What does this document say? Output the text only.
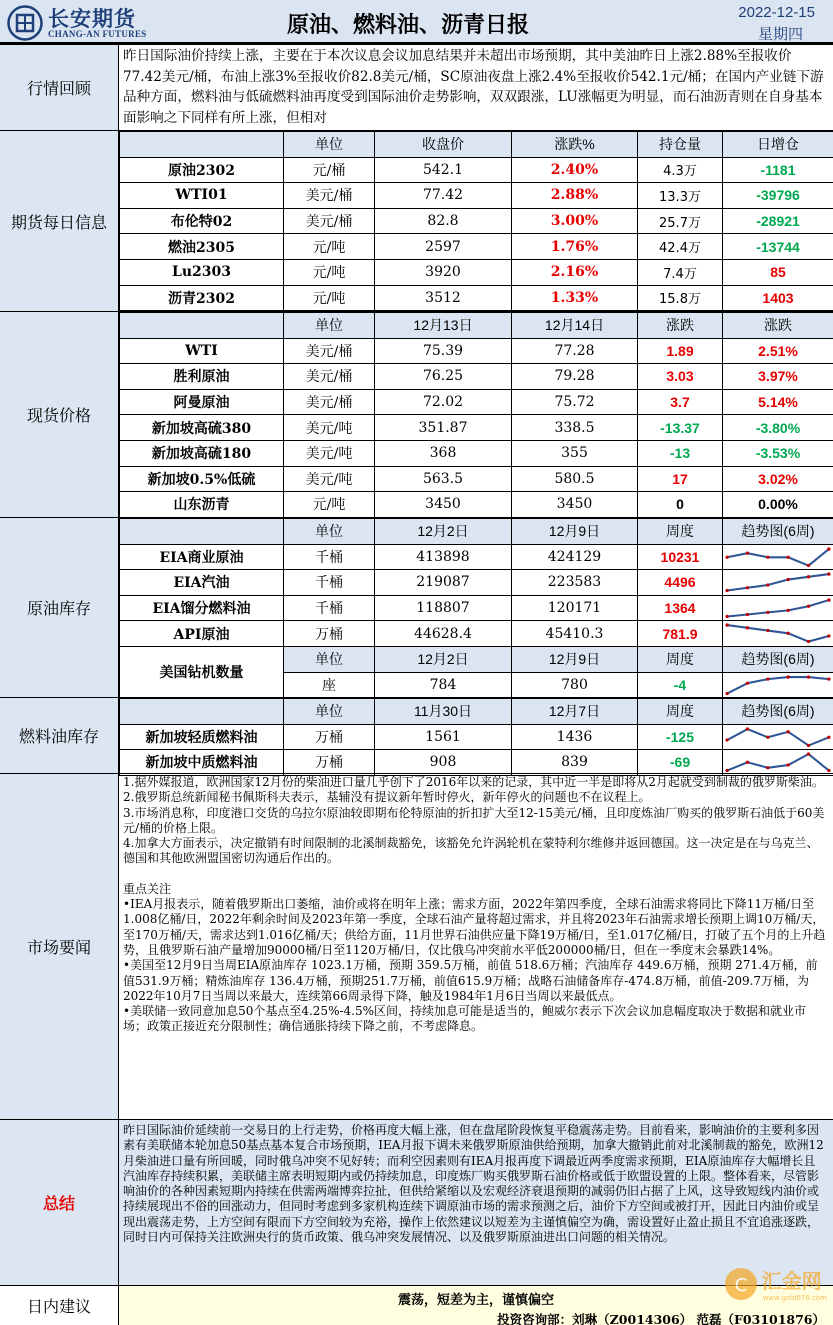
长安期货
CHANG-AN FUTURES	原油、燃料油、沥青日报
2022-12-15
星期四
行情回顾
昨日国际油价持续上涨，主要在于本次议息会议加息结果并未超出市场预期，其中美油昨日上涨2.88%至报收价77.42美元/桶，布油上涨3%至报收价82.8美元/桶，SC原油夜盘上涨2.4%至报收价542.1元/桶；在国内产业链下游品种方面，燃料油与低硫燃料油再度受到国际油价走势影响，双双跟涨，LU涨幅更为明显，而石油沥青则在自身基本面影响之下同样有所上涨，但相对
期货每日信息
	单位	收盘价	涨跌%	持仓量	日增仓
原油2302	元/桶	542.1	2.40%	4.3万	-1181
WTI01	美元/桶	77.42	2.88%	13.3万	-39796
布伦特02	美元/桶	82.8	3.00%	25.7万	-28921
燃油2305	元/吨	2597	1.76%	42.4万	-13744
Lu2303	元/吨	3920	2.16%	7.4万	85
沥青2302	元/吨	3512	1.33%	15.8万	1403
现货价格
	单位	12月13日	12月14日	涨跌	涨跌
WTI	美元/桶	75.39	77.28	1.89	2.51%
胜利原油	美元/桶	76.25	79.28	3.03	3.97%
阿曼原油	美元/桶	72.02	75.72	3.7	5.14%
新加坡高硫380	美元/吨	351.87	338.5	-13.37	-3.80%
新加坡高硫180	美元/吨	368	355	-13	-3.53%
新加坡0.5%低硫	美元/吨	563.5	580.5	17	3.02%
山东沥青	元/吨	3450	3450	0	0.00%
原油库存
	单位	12月2日	12月9日	周度	趋势图(6周)
EIA商业原油	千桶	413898	424129	10231	

EIA汽油	千桶	219087	223583	4496	

EIA馏分燃料油	千桶	118807	120171	1364	

API原油	万桶	44628.4	45410.3	781.9	

美国钻机数量	单位	12月2日	12月9日	周度	趋势图(6周)
	座	784	780	-4	
燃料油库存
	单位	11月30日	12月7日	周度	趋势图(6周)
新加坡轻质燃料油	万桶	1561	1436	-125	

新加坡中质燃料油	万桶	908	839	-69	
市场要闻
1.据外媒报道，欧洲国家12月份的柴油进口量几乎创下了2016年以来的记录，其中近一半是即将从2月起就受到制裁的俄罗斯柴油。
2.俄罗斯总统新闻秘书佩斯科夫表示，基辅没有提议新年暂时停火，新年停火的问题也不在议程上。
3.市场消息称，印度港口交货的乌拉尔原油较即期布伦特原油的折扣扩大至12-15美元/桶，且印度炼油厂购买的俄罗斯石油低于60美元/桶的价格上限。
4.加拿大方面表示，决定撤销有时间限制的北溪制裁豁免，该豁免允许涡轮机在蒙特利尔维修并返回德国。这一决定是在与乌克兰、德国和其他欧洲盟国密切沟通后作出的。
重点关注
•IEA月报表示，随着俄罗斯出口萎缩，油价或将在明年上涨；需求方面，2022年第四季度，全球石油需求将同比下降11万桶/日至1.008亿桶/日，2022年剩余时间及2023年第一季度，全球石油产量将超过需求，并且将2023年石油需求增长预期上调10万桶/天，至170万桶/天，需求达到1.016亿桶/天；供给方面，11月世界石油供应量下降19万桶/日，至1.017亿桶/日，打破了五个月的上升趋势，且俄罗斯石油产量增加90000桶/日至1120万桶/日，仅比俄乌冲突前水平低200000桶/日，但在一季度末会暴跌14%。
•美国至12月9日当周EIA原油库存 1023.1万桶，预期 359.5万桶，前值 518.6万桶；汽油库存 449.6万桶，预期 271.4万桶，前值531.9万桶；精炼油库存 136.4万桶，预期251.7万桶，前值615.9万桶；战略石油储备库存-474.8万桶，前值-209.7万桶，为2022年10月7日当周以来最大，连续第66周录得下降，触及1984年1月6日当周以来最低点。
•美联储一致同意加息50个基点至4.25%-4.5%区间，持续加息可能是适当的，鲍威尔表示下次会议加息幅度取决于数据和就业市场；政策正接近充分限制性；确信通胀持续下降之前，不考虑降息。
总结
昨日国际油价延续前一交易日的上行走势，价格再度大幅上涨，但在盘尾阶段恢复平稳震荡走势。目前看来，影响油价的主要利多因素有美联储本轮加息50基点基本复合市场预期，IEA月报下调未来俄罗斯原油供给预期，加拿大撤销此前对北溪制裁的豁免，欧洲12月柴油进口量有所回暖，同时俄乌冲突不见好转；而利空因素则有IEA月报再度下调最近两季度需求预期，EIA原油库存大幅增长且汽油库存持续积累，美联储主席表明短期内或仍持续加息，印度炼厂购买俄罗斯石油价格或低于欧盟设置的上限。整体看来，尽管影响油价的各种因素短期内持续在供需两端博弈拉扯，但供给紧缩以及宏观经济衰退预期的减弱仍旧占据了上风，这导致短线内油价或持续展现出不俗的回涨动力，但同时考虑到多家机构连续下调原油市场的需求预测之后，油价下方空间或被打开，因此日内油价或呈现出震荡走势，上方空间有限而下方空间较为充裕，操作上依然建议以短差为主谨慎偏空为确，需设置好止盈止损且不宜追涨逐跌，同时日内可保持关注欧洲央行的货币政策、俄乌冲突发展情况、以及俄罗斯原油进出口问题的相关情况。
日内建议	震荡，短差为主，谨慎偏空
投资咨询部：刘琳（Z0014306） 范磊（F03101876）
C 汇金网
www.gold678.com
